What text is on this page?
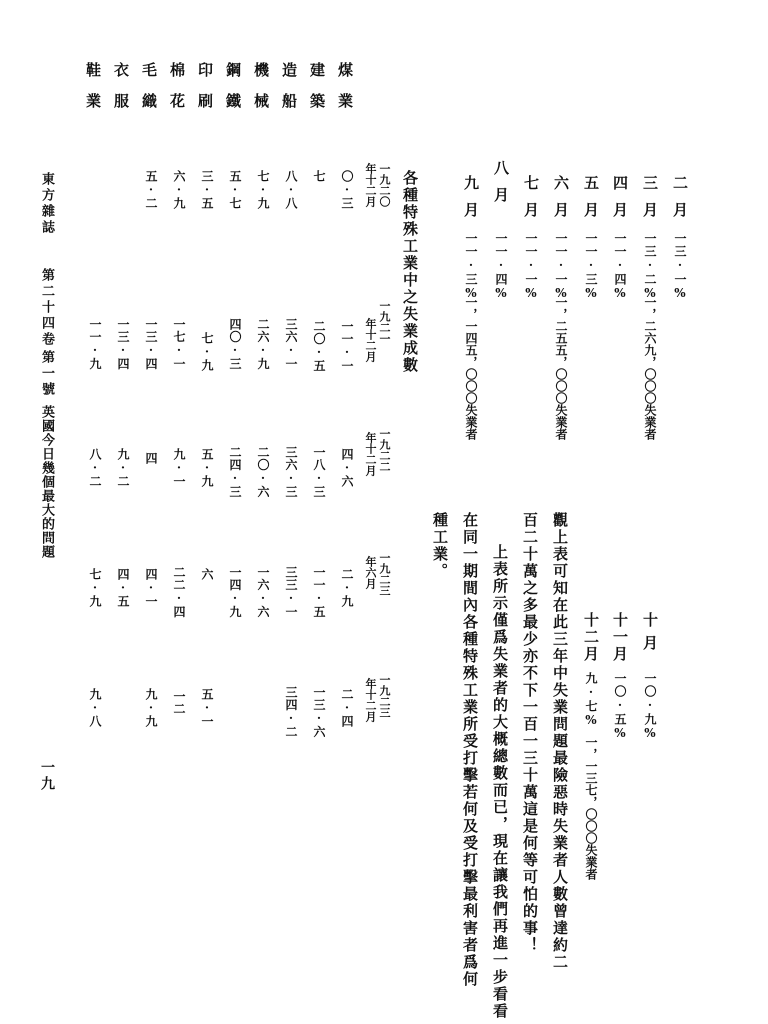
東方雜誌
第二十四卷
第一號
英國今日幾個最大的問題
一九
二月
一三·一%
三月
一三·二%
一，二六九，〇〇〇失業者
四月
一一·四%
五月
一一·三%
六月
一一·一%
一，二五五，〇〇〇失業者
七月
一一·一%
八月
一一·四%
九月
一一·三%
一，一四五，〇〇〇失業者
十月
一〇·九%
十一月
一〇·五%
十二月
九·七%
一，一三七，〇〇〇失業者
觀上表可知在此三年中失業問題最險惡時失業者人數曾達約二
百二十萬之多最少亦不下一百一三十萬這是何等可怕的事！
上表所示僅爲失業者的大概總數而已，現在讓我們再進一步看看
在同一期間內各種特殊工業所受打擊若何及受打擊最利害者爲何
種工業。
各種特殊工業中之失業成數
一九二〇
年十二月
一九二一
年十二月
一九二二
年十二月
一九二三
年六月
一九二三
年十二月
煤業
〇·三
一一·一
四·六
二·九
二·四
建築
七
二〇·五
一八·三
一一·五
一三·六
造船
八·八
三六·一
三六·三
三三·一
三四·二
機械
七·九
二六·九
二〇·六
一六·六
鋼鐵
五·七
四〇·三
二四·三
一四·九
印刷
三·五
七·九
五·九
六
五·一
棉花
六·九
一七·一
九·一
二二·四
一二
毛織
五·二
一三·四
四
四·一
九·九
衣服
一三·四
九·二
四·五
鞋業
一一·九
八·二
七·九
九·八
